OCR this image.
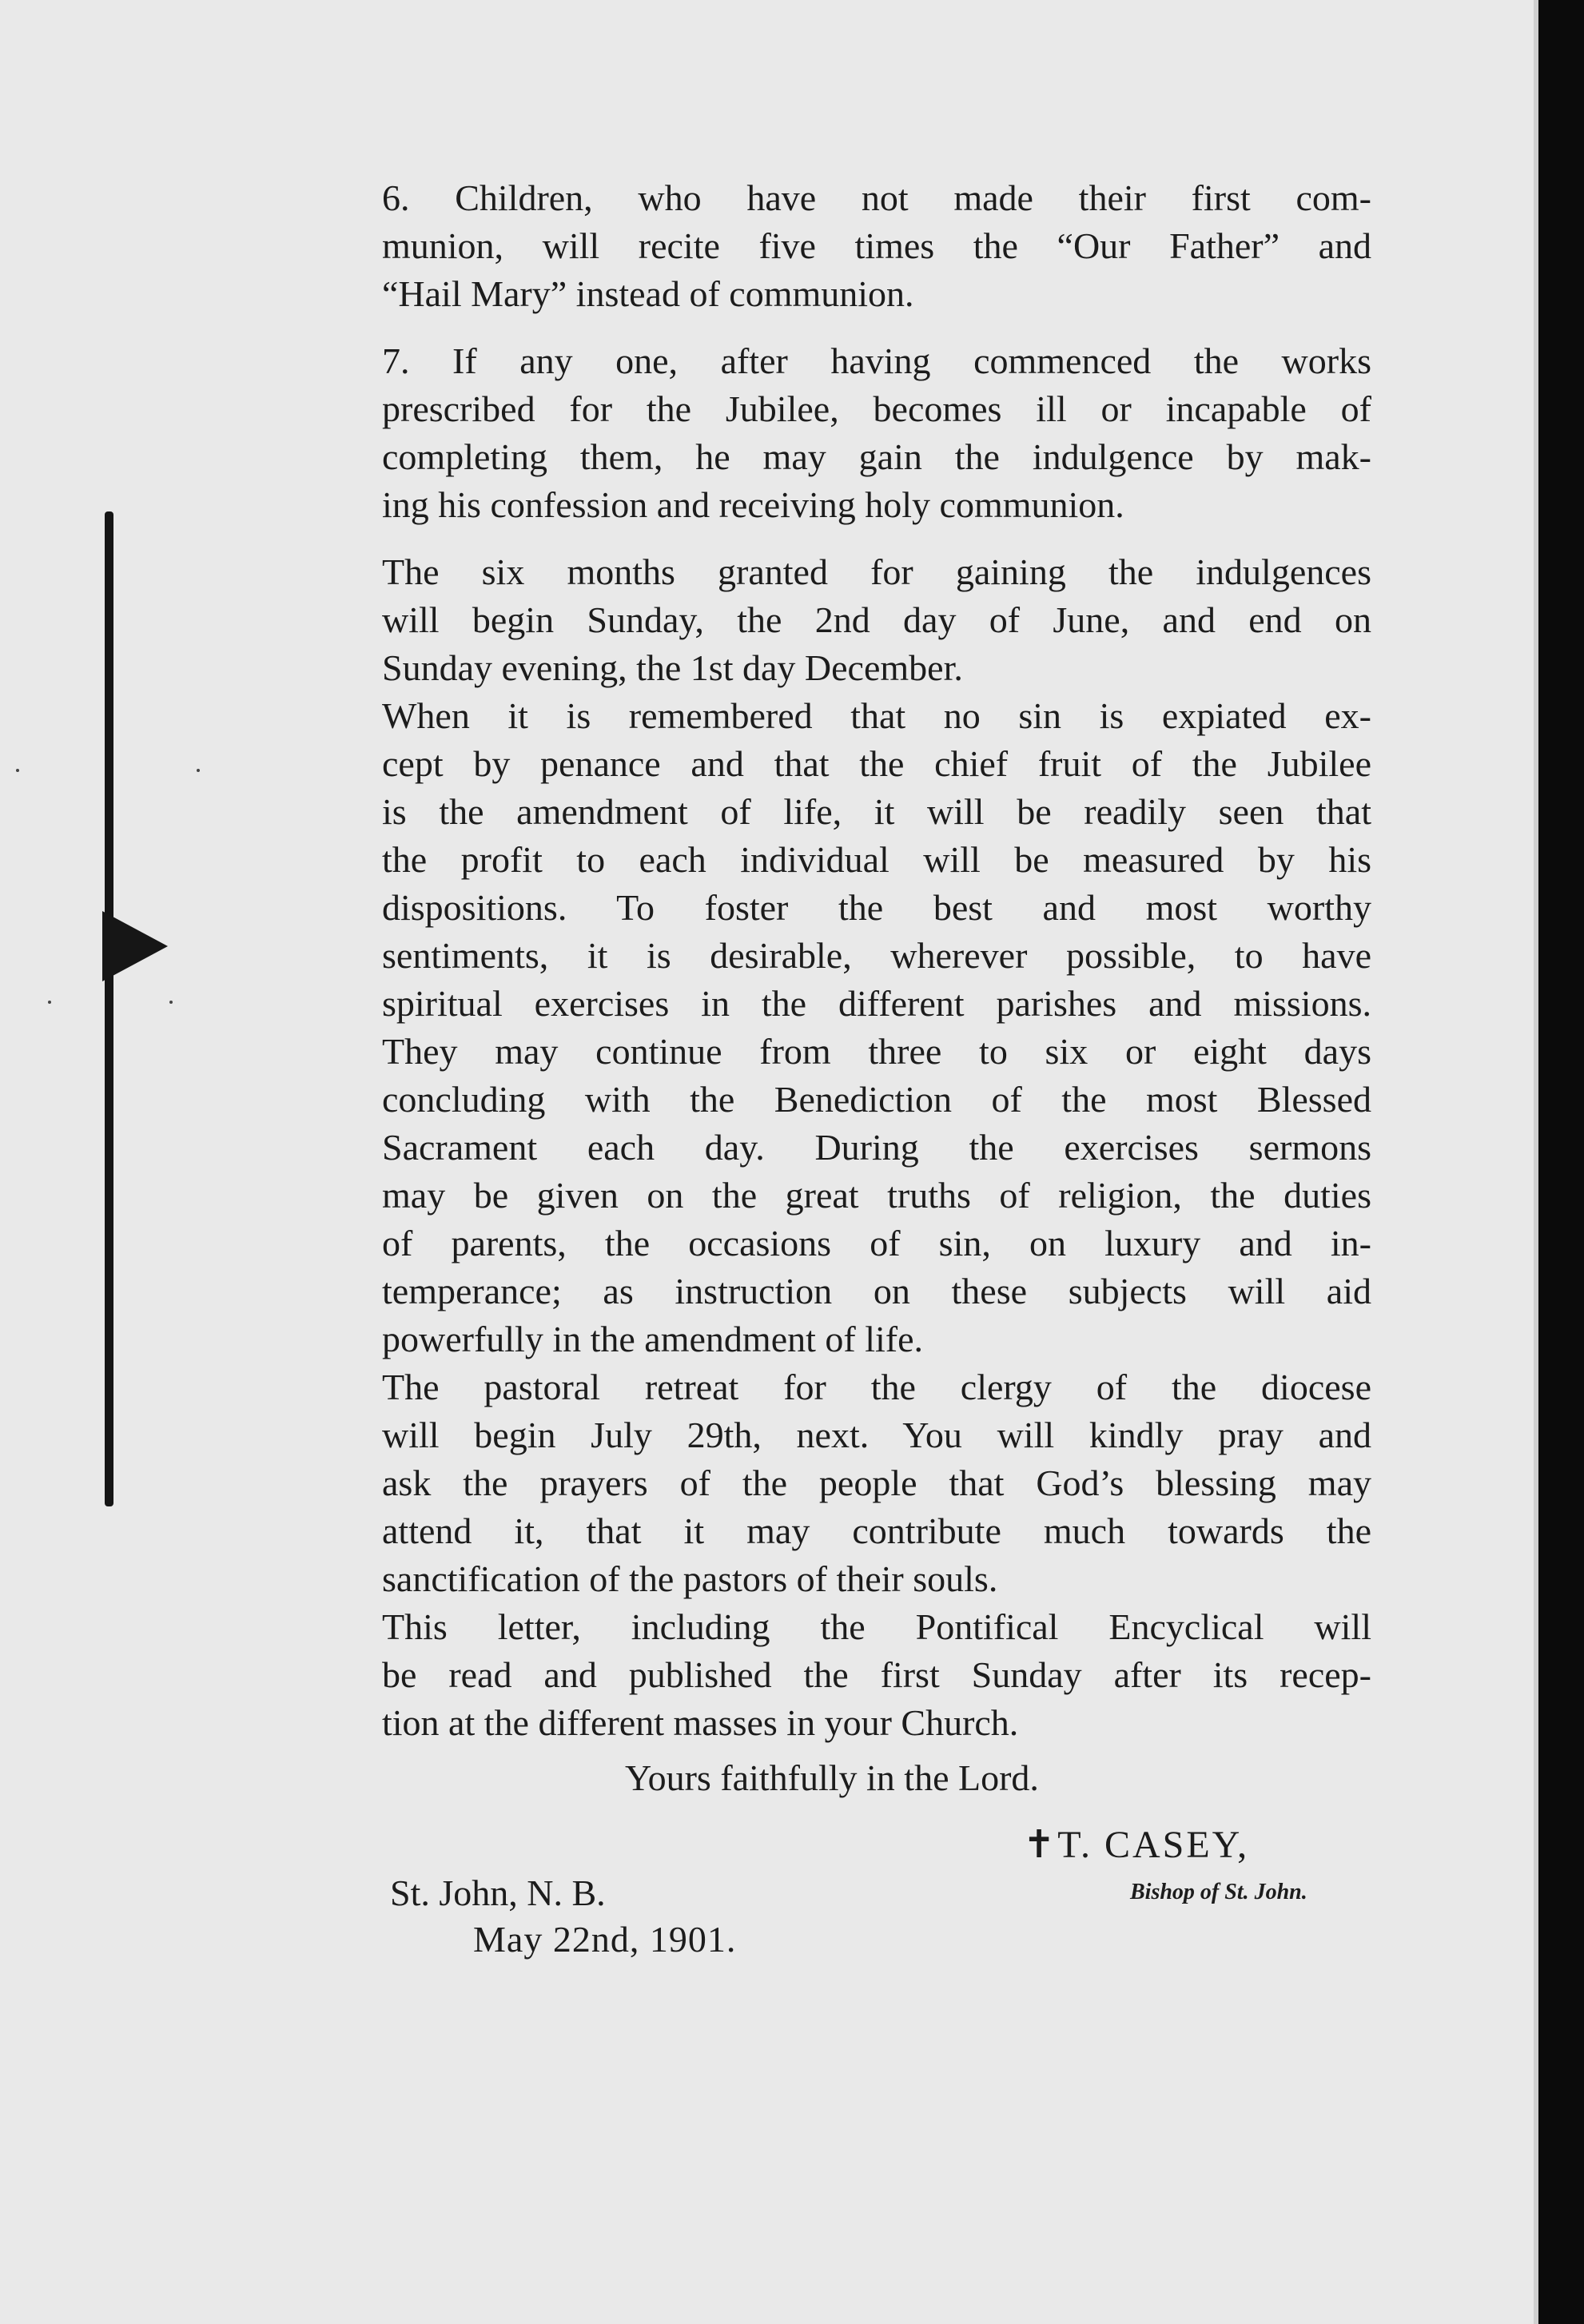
6. Children, who have not made their first com-
munion, will recite five times the “Our Father” and
“Hail Mary” instead of communion.
7. If any one, after having commenced the works
prescribed for the Jubilee, becomes ill or incapable of
completing them, he may gain the indulgence by mak-
ing his confession and receiving holy communion.
The six months granted for gaining the indulgences
will begin Sunday, the 2nd day of June, and end on
Sunday evening, the 1st day December.
When it is remembered that no sin is expiated ex-
cept by penance and that the chief fruit of the Jubilee
is the amendment of life, it will be readily seen that
the profit to each individual will be measured by his
dispositions. To foster the best and most worthy
sentiments, it is desirable, wherever possible, to have
spiritual exercises in the different parishes and missions.
They may continue from three to six or eight days
concluding with the Benediction of the most Blessed
Sacrament each day. During the exercises sermons
may be given on the great truths of religion, the duties
of parents, the occasions of sin, on luxury and in-
temperance; as instruction on these subjects will aid
powerfully in the amendment of life.
The pastoral retreat for the clergy of the diocese
will begin July 29th, next. You will kindly pray and
ask the prayers of the people that God’s blessing may
attend it, that it may contribute much towards the
sanctification of the pastors of their souls.
This letter, including the Pontifical Encyclical will
be read and published the first Sunday after its recep-
tion at the different masses in your Church.
Yours faithfully in the Lord.
✝T. CASEY,
Bishop of St. John.
St. John, N. B.
May 22nd, 1901.
